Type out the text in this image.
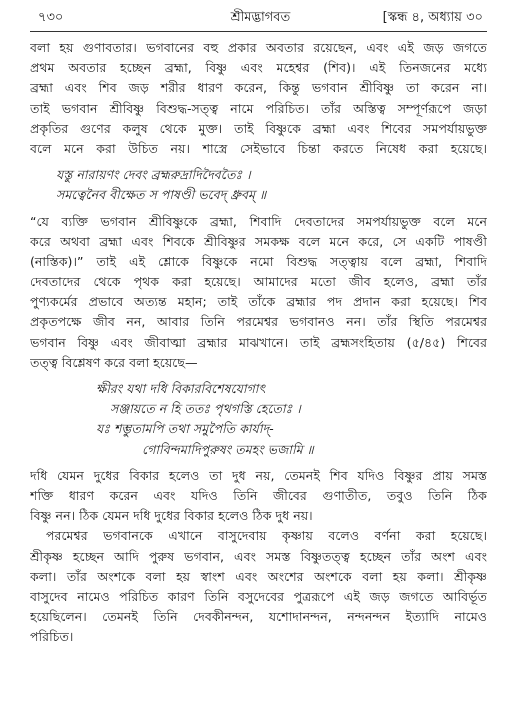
৭৩০	শ্রীমদ্ভাগবত	[স্কন্ধ ৪, অধ্যায় ৩০
বলা হয় গুণাবতার। ভগবানের বহু প্রকার অবতার রয়েছেন, এবং এই জড় জগতে
প্রথম অবতার হচ্ছেন ব্রহ্মা, বিষ্ণু এবং মহেশ্বর (শিব)। এই তিনজনের মধ্যে
ব্রহ্মা এবং শিব জড় শরীর ধারণ করেন, কিন্তু ভগবান শ্রীবিষ্ণু তা করেন না।
তাই ভগবান শ্রীবিষ্ণু বিশুদ্ধ-সত্ত্ব নামে পরিচিত। তাঁর অস্তিত্ব সম্পূর্ণরূপে জড়া
প্রকৃতির গুণের কলুষ থেকে মুক্ত। তাই বিষ্ণুকে ব্রহ্মা এবং শিবের সমপর্যায়ভুক্ত
বলে মনে করা উচিত নয়। শাস্ত্রে সেইভাবে চিন্তা করতে নিষেধ করা হয়েছে।
যস্তু নারায়ণং দেবং ব্রহ্মরুদ্রাদিদৈবতৈঃ ।
সমত্বেনৈব বীক্ষেত স পাষণ্ডী ভবেদ্ ধ্রুবম্ ॥
“যে ব্যক্তি ভগবান শ্রীবিষ্ণুকে ব্রহ্মা, শিবাদি দেবতাদের সমপর্যায়ভুক্ত বলে মনে
করে অথবা ব্রহ্মা এবং শিবকে শ্রীবিষ্ণুর সমকক্ষ বলে মনে করে, সে একটি পাষণ্ডী
(নাস্তিক)।” তাই এই শ্লোকে বিষ্ণুকে নমো বিশুদ্ধ সত্ত্বায় বলে ব্রহ্মা, শিবাদি
দেবতাদের থেকে পৃথক করা হয়েছে। আমাদের মতো জীব হলেও, ব্রহ্মা তাঁর
পুণ্যকর্মের প্রভাবে অত্যন্ত মহান; তাই তাঁকে ব্রহ্মার পদ প্রদান করা হয়েছে। শিব
প্রকৃতপক্ষে জীব নন, আবার তিনি পরমেশ্বর ভগবানও নন। তাঁর স্থিতি পরমেশ্বর
ভগবান বিষ্ণু এবং জীবাত্মা ব্রহ্মার মাঝখানে। তাই ব্রহ্মসংহিতায় (৫/৪৫) শিবের
তত্ত্ব বিশ্লেষণ করে বলা হয়েছে—
ক্ষীরং যথা দধি বিকারবিশেষযোগাৎ
সঞ্জায়তে ন হি ততঃ পৃথগস্তি হেতোঃ ।
যঃ শম্ভুতামপি তথা সমুপৈতি কার্যাদ্-
গোবিন্দমাদিপুরুষং তমহং ভজামি ॥
দধি যেমন দুধের বিকার হলেও তা দুধ নয়, তেমনই শিব যদিও বিষ্ণুর প্রায় সমস্ত
শক্তি ধারণ করেন এবং যদিও তিনি জীবের গুণাতীত, তবুও তিনি ঠিক
বিষ্ণু নন। ঠিক যেমন দধি দুধের বিকার হলেও ঠিক দুধ নয়।
পরমেশ্বর ভগবানকে এখানে বাসুদেবায় কৃষ্ণায় বলেও বর্ণনা করা হয়েছে।
শ্রীকৃষ্ণ হচ্ছেন আদি পুরুষ ভগবান, এবং সমস্ত বিষ্ণুতত্ত্ব হচ্ছেন তাঁর অংশ এবং
কলা। তাঁর অংশকে বলা হয় স্বাংশ এবং অংশের অংশকে বলা হয় কলা। শ্রীকৃষ্ণ
বাসুদেব নামেও পরিচিত কারণ তিনি বসুদেবের পুত্ররূপে এই জড় জগতে আবির্ভূত
হয়েছিলেন। তেমনই তিনি দেবকীনন্দন, যশোদানন্দন, নন্দনন্দন ইত্যাদি নামেও
পরিচিত।
